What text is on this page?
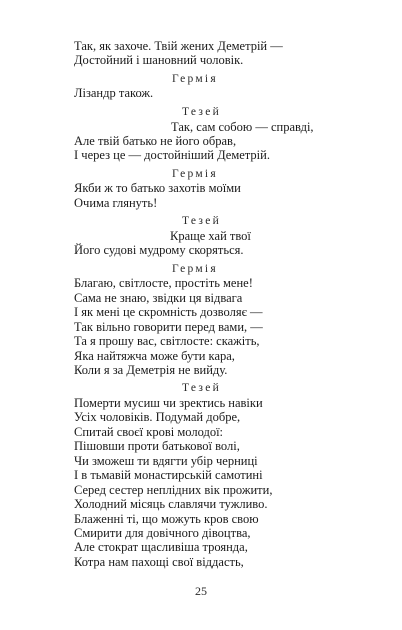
Так, як захоче. Твій жених Деметрій —
Достойний і шановний чоловік.
Гермія
Лізандр також.
Тезей
Так, сам собою — справді,
Але твій батько не його обрав,
І через це — достойніший Деметрій.
Гермія
Якби ж то батько захотів моїми
Очима глянуть!
Тезей
Краще хай твої
Його судові мудрому скоряться.
Гермія
Благаю, світлосте, простіть мене!
Сама не знаю, звідки ця відвага
І як мені це скромність дозволяє —
Так вільно говорити перед вами, —
Та я прошу вас, світлосте: скажіть,
Яка найтяжча може бути кара,
Коли я за Деметрія не вийду.
Тезей
Померти мусиш чи зректись навіки
Усіх чоловіків. Подумай добре,
Спитай своєї крові молодої:
Пішовши проти батькової волі,
Чи зможеш ти вдягти убір черниці
І в тьмавій монастирській самотині
Серед сестер неплідних вік прожити,
Холодний місяць славлячи тужливо.
Блаженні ті, що можуть кров свою
Смирити для довічного дівоцтва,
Але стократ щасливіша троянда,
Котра нам пахощі свої віддасть,
25
